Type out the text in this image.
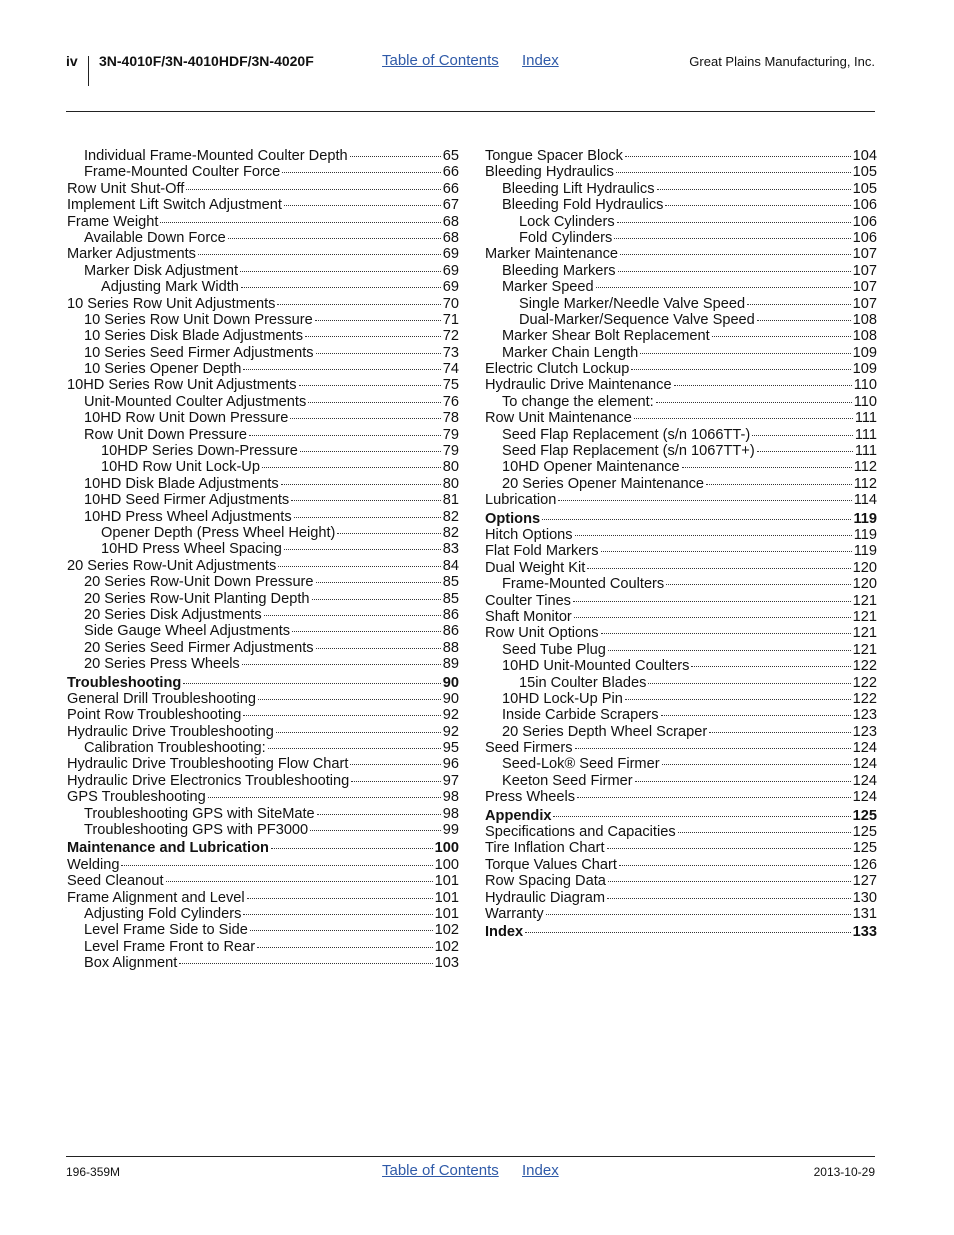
iv 3N-4010F/3N-4010HDF/3N-4020F	Table of Contents Index	Great Plains Manufacturing, Inc.
Individual Frame-Mounted Coulter Depth	65
Frame-Mounted Coulter Force	66
Row Unit Shut-Off	66
Implement Lift Switch Adjustment	67
Frame Weight	68
Available Down Force	68
Marker Adjustments	69
Marker Disk Adjustment	69
Adjusting Mark Width	69
10 Series Row Unit Adjustments	70
10 Series Row Unit Down Pressure	71
10 Series Disk Blade Adjustments	72
10 Series Seed Firmer Adjustments	73
10 Series Opener Depth	74
10HD Series Row Unit Adjustments	75
Unit-Mounted Coulter Adjustments	76
10HD Row Unit Down Pressure	78
Row Unit Down Pressure	79
10HDP Series Down-Pressure	79
10HD Row Unit Lock-Up	80
10HD Disk Blade Adjustments	80
10HD Seed Firmer Adjustments	81
10HD Press Wheel Adjustments	82
Opener Depth (Press Wheel Height)	82
10HD Press Wheel Spacing	83
20 Series Row-Unit Adjustments	84
20 Series Row-Unit Down Pressure	85
20 Series Row-Unit Planting Depth	85
20 Series Disk Adjustments	86
Side Gauge Wheel Adjustments	86
20 Series Seed Firmer Adjustments	88
20 Series Press Wheels	89
Troubleshooting	90
General Drill Troubleshooting	90
Point Row Troubleshooting	92
Hydraulic Drive Troubleshooting	92
Calibration Troubleshooting:	95
Hydraulic Drive Troubleshooting Flow Chart	96
Hydraulic Drive Electronics Troubleshooting	97
GPS Troubleshooting	98
Troubleshooting GPS with SiteMate	98
Troubleshooting GPS with PF3000	99
Maintenance and Lubrication	100
Welding	100
Seed Cleanout	101
Frame Alignment and Level	101
Adjusting Fold Cylinders	101
Level Frame Side to Side	102
Level Frame Front to Rear	102
Box Alignment	103
Tongue Spacer Block	104
Bleeding Hydraulics	105
Bleeding Lift Hydraulics	105
Bleeding Fold Hydraulics	106
Lock Cylinders	106
Fold Cylinders	106
Marker Maintenance	107
Bleeding Markers	107
Marker Speed	107
Single Marker/Needle Valve Speed	107
Dual-Marker/Sequence Valve Speed	108
Marker Shear Bolt Replacement	108
Marker Chain Length	109
Electric Clutch Lockup	109
Hydraulic Drive Maintenance	110
To change the element:	110
Row Unit Maintenance	111
Seed Flap Replacement (s/n 1066TT-)	111
Seed Flap Replacement (s/n 1067TT+)	111
10HD Opener Maintenance	112
20 Series Opener Maintenance	112
Lubrication	114
Options	119
Hitch Options	119
Flat Fold Markers	119
Dual Weight Kit	120
Frame-Mounted Coulters	120
Coulter Tines	121
Shaft Monitor	121
Row Unit Options	121
Seed Tube Plug	121
10HD Unit-Mounted Coulters	122
15in Coulter Blades	122
10HD Lock-Up Pin	122
Inside Carbide Scrapers	123
20 Series Depth Wheel Scraper	123
Seed Firmers	124
Seed-Lok® Seed Firmer	124
Keeton Seed Firmer	124
Press Wheels	124
Appendix	125
Specifications and Capacities	125
Tire Inflation Chart	125
Torque Values Chart	126
Row Spacing Data	127
Hydraulic Diagram	130
Warranty	131
Index	133
196-359M	Table of Contents Index	2013-10-29
